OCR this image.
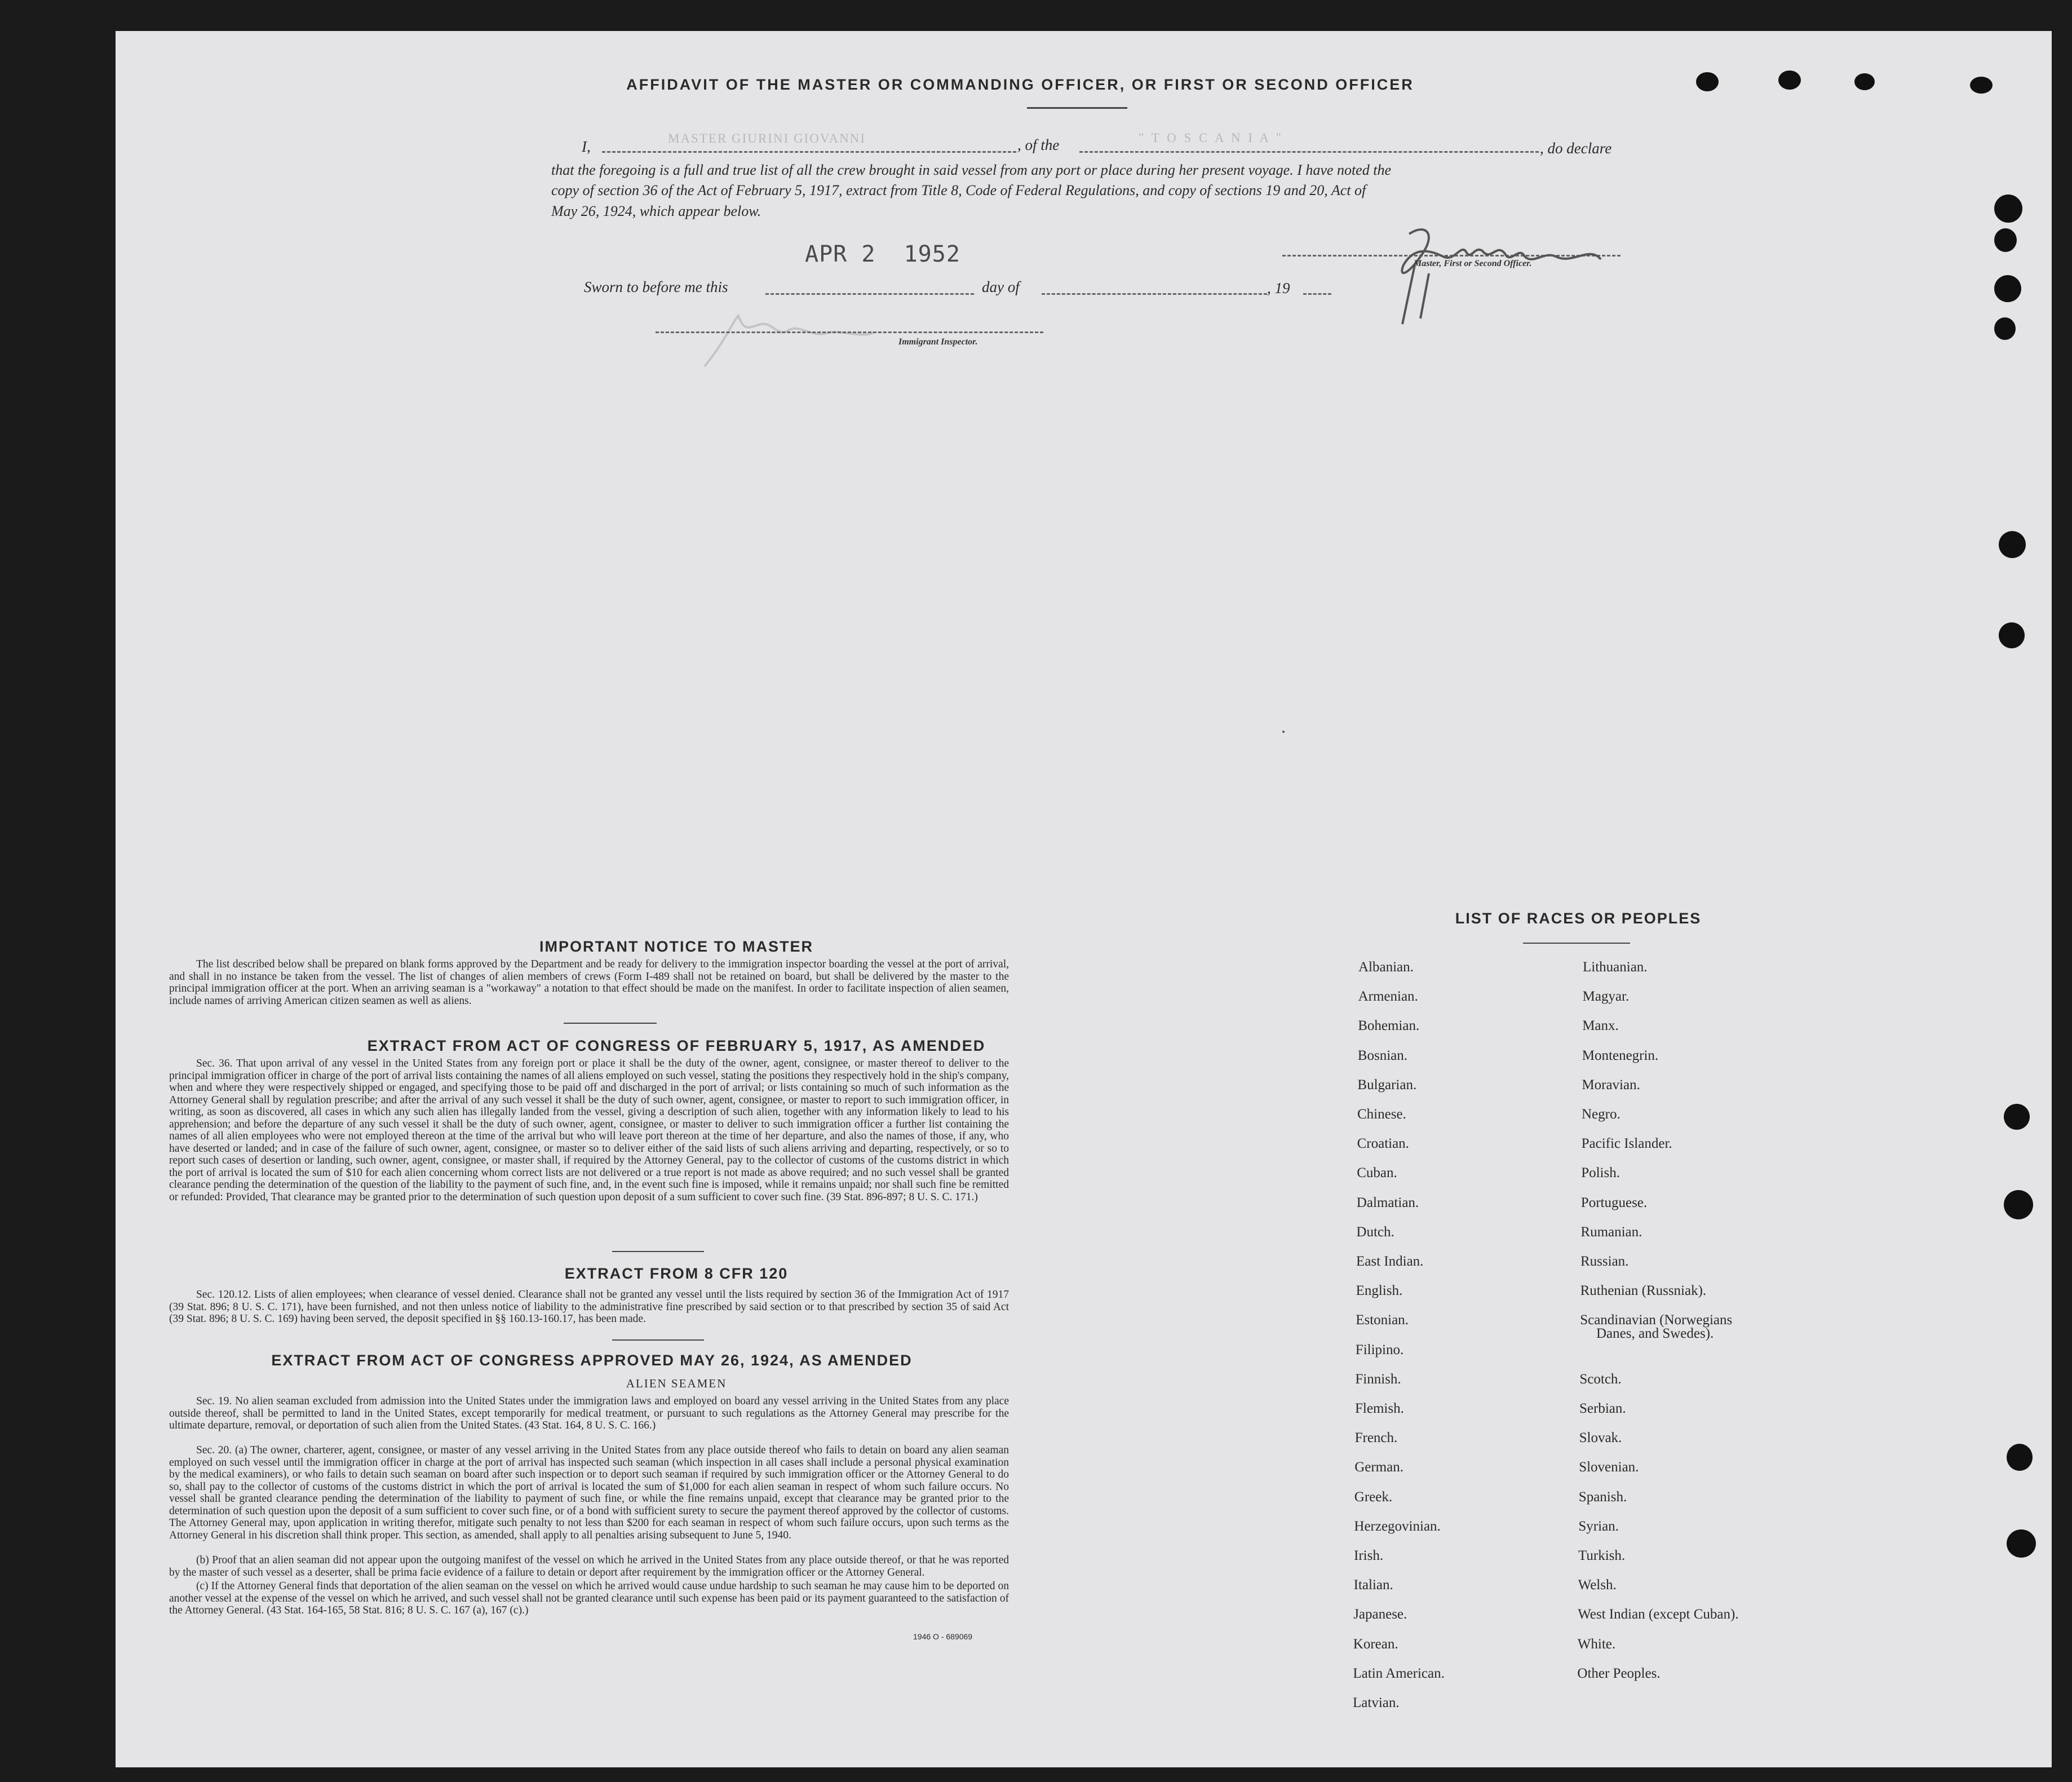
AFFIDAVIT OF THE MASTER OR COMMANDING OFFICER, OR FIRST OR SECOND OFFICER
I,	MASTER GIURINI GIOVANNI	, of the	" T O S C A N I A "
, do declare
that the foregoing is a full and true list of all the crew brought in said vessel from any port or place during her present voyage. I have noted the
copy of section 36 of the Act of February 5, 1917, extract from Title 8, Code of Federal Regulations, and copy of sections 19 and 20, Act of
May 26, 1924, which appear below.
APR 2  1952	Master, First or Second Officer.
Sworn to before me this	day of	, 19
Immigrant Inspector.
IMPORTANT NOTICE TO MASTER
The list described below shall be prepared on blank forms approved by the Department and be ready for delivery to the immigration inspector boarding the vessel at the port of arrival, and shall in no instance be taken from the vessel. The list of changes of alien members of crews (Form I-489 shall not be retained on board, but shall be delivered by the master to the principal immigration officer at the port. When an arriving seaman is a "workaway" a notation to that effect should be made on the manifest. In order to facilitate inspection of alien seamen, include names of arriving American citizen seamen as well as aliens.
EXTRACT FROM ACT OF CONGRESS OF FEBRUARY 5, 1917, AS AMENDED
Sec. 36. That upon arrival of any vessel in the United States from any foreign port or place it shall be the duty of the owner, agent, consignee, or master thereof to deliver to the principal immigration officer in charge of the port of arrival lists containing the names of all aliens employed on such vessel, stating the positions they respectively hold in the ship's company, when and where they were respectively shipped or engaged, and specifying those to be paid off and discharged in the port of arrival; or lists containing so much of such information as the Attorney General shall by regulation prescribe; and after the arrival of any such vessel it shall be the duty of such owner, agent, consignee, or master to report to such immigration officer, in writing, as soon as discovered, all cases in which any such alien has illegally landed from the vessel, giving a description of such alien, together with any information likely to lead to his apprehension; and before the departure of any such vessel it shall be the duty of such owner, agent, consignee, or master to deliver to such immigration officer a further list containing the names of all alien employees who were not employed thereon at the time of the arrival but who will leave port thereon at the time of her departure, and also the names of those, if any, who have deserted or landed; and in case of the failure of such owner, agent, consignee, or master so to deliver either of the said lists of such aliens arriving and departing, respectively, or so to report such cases of desertion or landing, such owner, agent, consignee, or master shall, if required by the Attorney General, pay to the collector of customs of the customs district in which the port of arrival is located the sum of $10 for each alien concerning whom correct lists are not delivered or a true report is not made as above required; and no such vessel shall be granted clearance pending the determination of the question of the liability to the payment of such fine, and, in the event such fine is imposed, while it remains unpaid; nor shall such fine be remitted or refunded: Provided, That clearance may be granted prior to the determination of such question upon deposit of a sum sufficient to cover such fine. (39 Stat. 896-897; 8 U. S. C. 171.)
EXTRACT FROM 8 CFR 120
Sec. 120.12. Lists of alien employees; when clearance of vessel denied. Clearance shall not be granted any vessel until the lists required by section 36 of the Immigration Act of 1917 (39 Stat. 896; 8 U. S. C. 171), have been furnished, and not then unless notice of liability to the administrative fine prescribed by said section or to that prescribed by section 35 of said Act (39 Stat. 896; 8 U. S. C. 169) having been served, the deposit specified in §§ 160.13-160.17, has been made.
EXTRACT FROM ACT OF CONGRESS APPROVED MAY 26, 1924, AS AMENDED
ALIEN SEAMEN
Sec. 19. No alien seaman excluded from admission into the United States under the immigration laws and employed on board any vessel arriving in the United States from any place outside thereof, shall be permitted to land in the United States, except temporarily for medical treatment, or pursuant to such regulations as the Attorney General may prescribe for the ultimate departure, removal, or deportation of such alien from the United States. (43 Stat. 164, 8 U. S. C. 166.)
Sec. 20. (a) The owner, charterer, agent, consignee, or master of any vessel arriving in the United States from any place outside thereof who fails to detain on board any alien seaman employed on such vessel until the immigration officer in charge at the port of arrival has inspected such seaman (which inspection in all cases shall include a personal physical examination by the medical examiners), or who fails to detain such seaman on board after such inspection or to deport such seaman if required by such immigration officer or the Attorney General to do so, shall pay to the collector of customs of the customs district in which the port of arrival is located the sum of $1,000 for each alien seaman in respect of whom such failure occurs. No vessel shall be granted clearance pending the determination of the liability to payment of such fine, or while the fine remains unpaid, except that clearance may be granted prior to the determination of such question upon the deposit of a sum sufficient to cover such fine, or of a bond with sufficient surety to secure the payment thereof approved by the collector of customs. The Attorney General may, upon application in writing therefor, mitigate such penalty to not less than $200 for each seaman in respect of whom such failure occurs, upon such terms as the Attorney General in his discretion shall think proper. This section, as amended, shall apply to all penalties arising subsequent to June 5, 1940.
(b) Proof that an alien seaman did not appear upon the outgoing manifest of the vessel on which he arrived in the United States from any place outside thereof, or that he was reported by the master of such vessel as a deserter, shall be prima facie evidence of a failure to detain or deport after requirement by the immigration officer or the Attorney General.
(c) If the Attorney General finds that deportation of the alien seaman on the vessel on which he arrived would cause undue hardship to such seaman he may cause him to be deported on another vessel at the expense of the vessel on which he arrived, and such vessel shall not be granted clearance until such expense has been paid or its payment guaranteed to the satisfaction of the Attorney General. (43 Stat. 164-165, 58 Stat. 816; 8 U. S. C. 167 (a), 167 (c).)
1946 O - 689069
LIST OF RACES OR PEOPLES
Albanian.
Armenian.
Bohemian.
Bosnian.
Bulgarian.
Chinese.
Croatian.
Cuban.
Dalmatian.
Dutch.
East Indian.
English.
Estonian.
Filipino.
Finnish.
Flemish.
French.
German.
Greek.
Herzegovinian.
Irish.
Italian.
Japanese.
Korean.
Latin American.
Latvian.
Lithuanian.
Magyar.
Manx.
Montenegrin.
Moravian.
Negro.
Pacific Islander.
Polish.
Portuguese.
Rumanian.
Russian.
Ruthenian (Russniak).
Scandinavian (Norwegians
Danes, and Swedes).
Scotch.
Serbian.
Slovak.
Slovenian.
Spanish.
Syrian.
Turkish.
Welsh.
West Indian (except Cuban).
White.
Other Peoples.
